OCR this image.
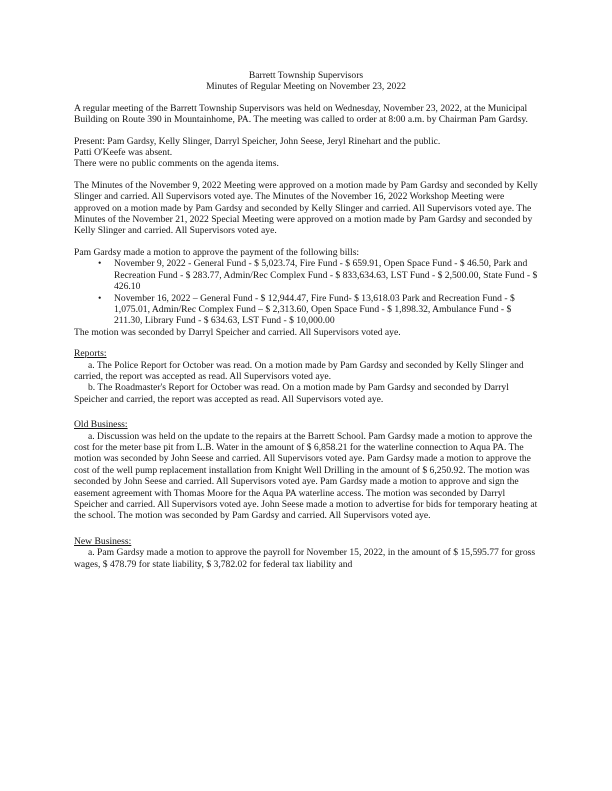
Barrett Township Supervisors

Minutes of Regular Meeting on November 23, 2022

A regular meeting of the Barrett Township Supervisors was held on Wednesday, November 23, 2022, at the Municipal Building on Route 390 in Mountainhome, PA. The meeting was called to order at 8:00 a.m. by Chairman Pam Gardsy.

Present: Pam Gardsy, Kelly Slinger, Darryl Speicher, John Seese, Jeryl Rinehart and the public.

Patti O'Keefe was absent.

There were no public comments on the agenda items.

The Minutes of the November 9, 2022 Meeting were approved on a motion made by Pam Gardsy and seconded by Kelly Slinger and carried. All Supervisors voted aye. The Minutes of the November 16, 2022 Workshop Meeting were approved on a motion made by Pam Gardsy and seconded by Kelly Slinger and carried. All Supervisors voted aye. The Minutes of the November 21, 2022 Special Meeting were approved on a motion made by Pam Gardsy and seconded by Kelly Slinger and carried. All Supervisors voted aye.

Pam Gardsy made a motion to approve the payment of the following bills:

• November 9, 2022 - General Fund - $ 5,023.74, Fire Fund - $ 659.91, Open Space Fund - $ 46.50, Park and Recreation Fund - $ 283.77, Admin/Rec Complex Fund - $ 833,634.63, LST Fund - $ 2,500.00, State Fund - $ 426.10
• November 16, 2022 – General Fund - $ 12,944.47, Fire Fund- $ 13,618.03 Park and Recreation Fund - $ 1,075.01, Admin/Rec Complex Fund – $ 2,313.60, Open Space Fund - $ 1,898.32, Ambulance Fund - $ 211.30, Library Fund - $ 634.63, LST Fund - $ 10,000.00

The motion was seconded by Darryl Speicher and carried. All Supervisors voted aye.

Reports:

a. The Police Report for October was read. On a motion made by Pam Gardsy and seconded by Kelly Slinger and carried, the report was accepted as read. All Supervisors voted aye.

b. The Roadmaster's Report for October was read. On a motion made by Pam Gardsy and seconded by Darryl Speicher and carried, the report was accepted as read. All Supervisors voted aye.

Old Business:

a. Discussion was held on the update to the repairs at the Barrett School. Pam Gardsy made a motion to approve the cost for the meter base pit from L.B. Water in the amount of $ 6,858.21 for the waterline connection to Aqua PA. The motion was seconded by John Seese and carried. All Supervisors voted aye. Pam Gardsy made a motion to approve the cost of the well pump replacement installation from Knight Well Drilling in the amount of $ 6,250.92. The motion was seconded by John Seese and carried. All Supervisors voted aye. Pam Gardsy made a motion to approve and sign the easement agreement with Thomas Moore for the Aqua PA waterline access. The motion was seconded by Darryl Speicher and carried. All Supervisors voted aye. John Seese made a motion to advertise for bids for temporary heating at the school. The motion was seconded by Pam Gardsy and carried. All Supervisors voted aye.

New Business:

a. Pam Gardsy made a motion to approve the payroll for November 15, 2022, in the amount of $ 15,595.77 for gross wages, $ 478.79 for state liability, $ 3,782.02 for federal tax liability and
